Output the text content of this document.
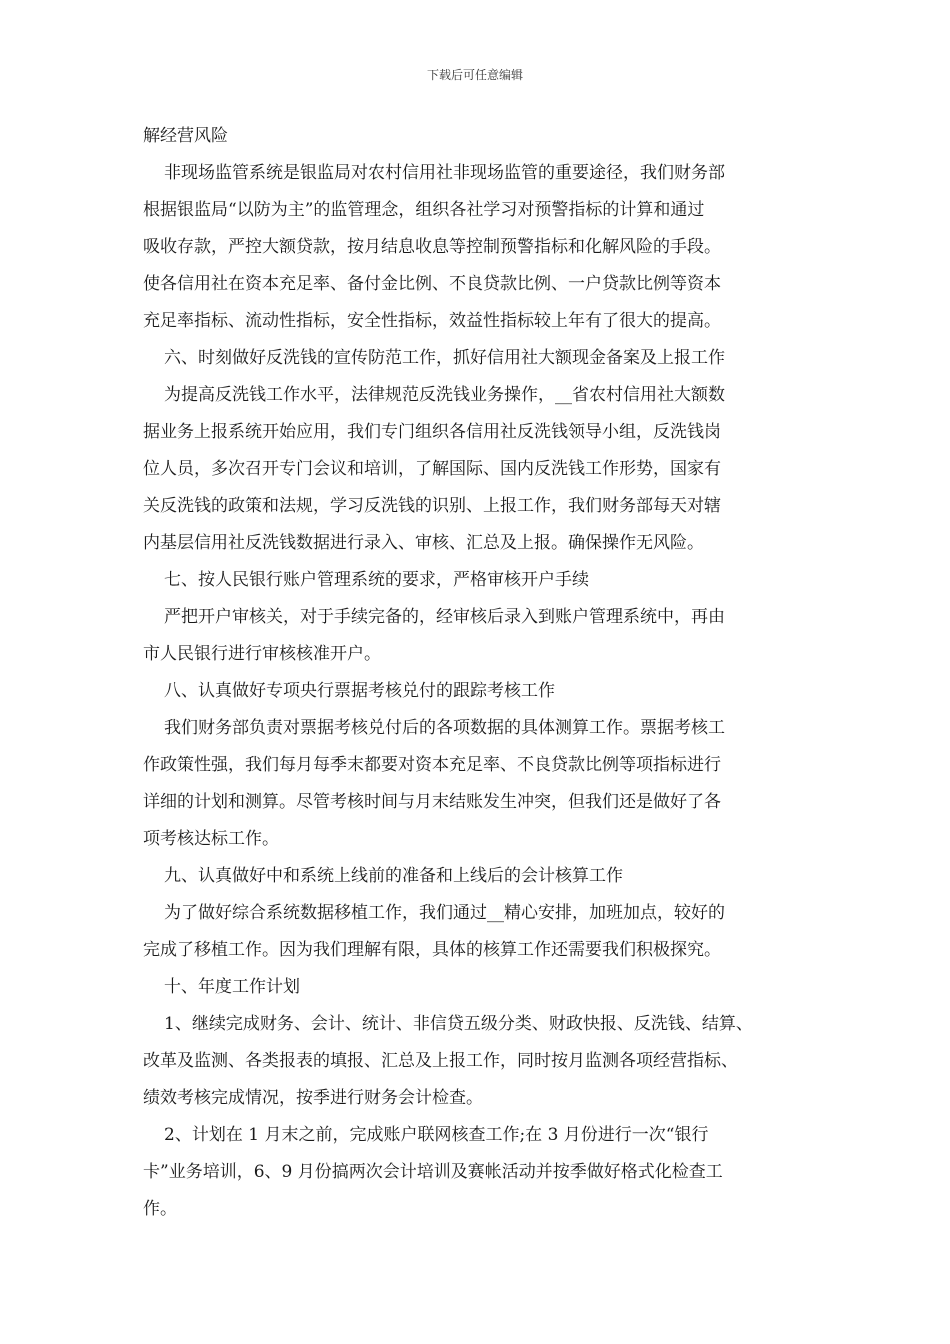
下载后可任意编辑
解经营风险
非现场监管系统是银监局对农村信用社非现场监管的重要途径，我们财务部
根据银监局“以防为主”的监管理念，组织各社学习对预警指标的计算和通过
吸收存款，严控大额贷款，按月结息收息等控制预警指标和化解风险的手段。
使各信用社在资本充足率、备付金比例、不良贷款比例、一户贷款比例等资本
充足率指标、流动性指标，安全性指标，效益性指标较上年有了很大的提高。
六、时刻做好反洗钱的宣传防范工作，抓好信用社大额现金备案及上报工作
为提高反洗钱工作水平，法律规范反洗钱业务操作，__省农村信用社大额数
据业务上报系统开始应用，我们专门组织各信用社反洗钱领导小组，反洗钱岗
位人员，多次召开专门会议和培训，了解国际、国内反洗钱工作形势，国家有
关反洗钱的政策和法规，学习反洗钱的识别、上报工作，我们财务部每天对辖
内基层信用社反洗钱数据进行录入、审核、汇总及上报。确保操作无风险。
七、按人民银行账户管理系统的要求，严格审核开户手续
严把开户审核关，对于手续完备的，经审核后录入到账户管理系统中，再由
市人民银行进行审核核准开户。
八、认真做好专项央行票据考核兑付的跟踪考核工作
我们财务部负责对票据考核兑付后的各项数据的具体测算工作。票据考核工
作政策性强，我们每月每季末都要对资本充足率、不良贷款比例等项指标进行
详细的计划和测算。尽管考核时间与月末结账发生冲突，但我们还是做好了各
项考核达标工作。
九、认真做好中和系统上线前的准备和上线后的会计核算工作
为了做好综合系统数据移植工作，我们通过__精心安排，加班加点，较好的
完成了移植工作。因为我们理解有限，具体的核算工作还需要我们积极探究。
十、年度工作计划
1、继续完成财务、会计、统计、非信贷五级分类、财政快报、反洗钱、结算、
改革及监测、各类报表的填报、汇总及上报工作，同时按月监测各项经营指标、
绩效考核完成情况，按季进行财务会计检查。
2、计划在 1 月末之前，完成账户联网核查工作;在 3 月份进行一次“银行
卡”业务培训，6、9 月份搞两次会计培训及赛帐活动并按季做好格式化检查工
作。
